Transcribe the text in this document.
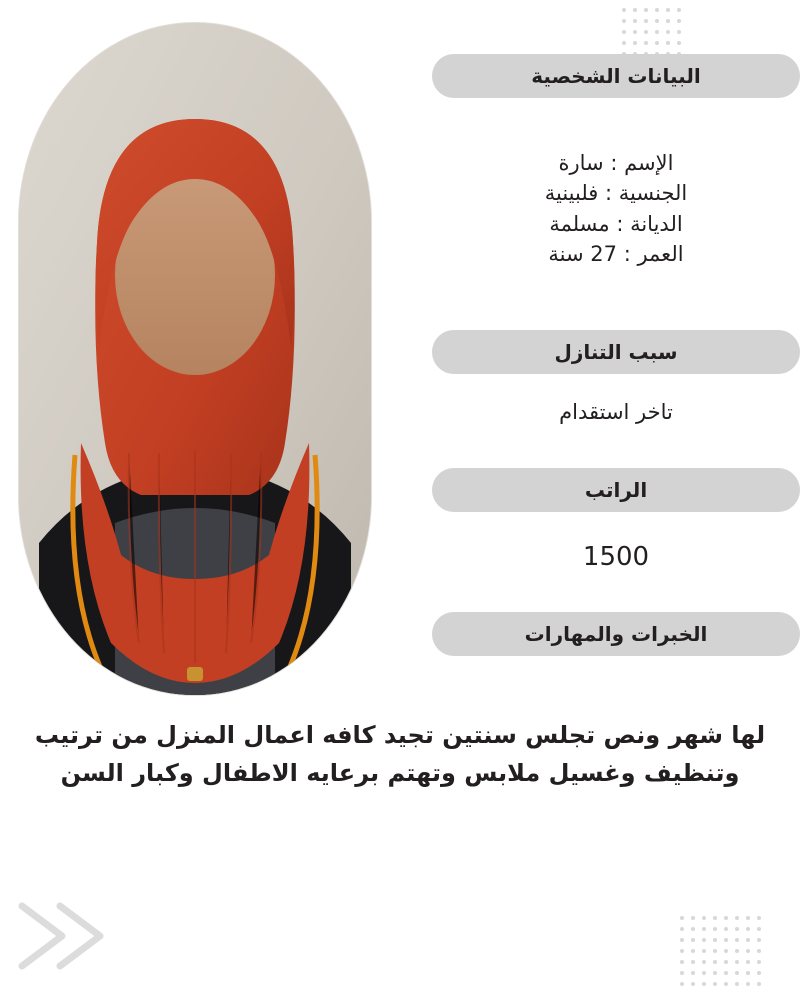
البيانات الشخصية
الإسم : سارة
الجنسية : فلبينية
الديانة : مسلمة
العمر : 27 سنة
سبب التنازل
تاخر استقدام
الراتب
1500
الخبرات والمهارات
لها شهر ونص تجلس سنتين تجيد كافه اعمال المنزل من ترتيب وتنظيف وغسيل ملابس وتهتم برعايه الاطفال وكبار السن
